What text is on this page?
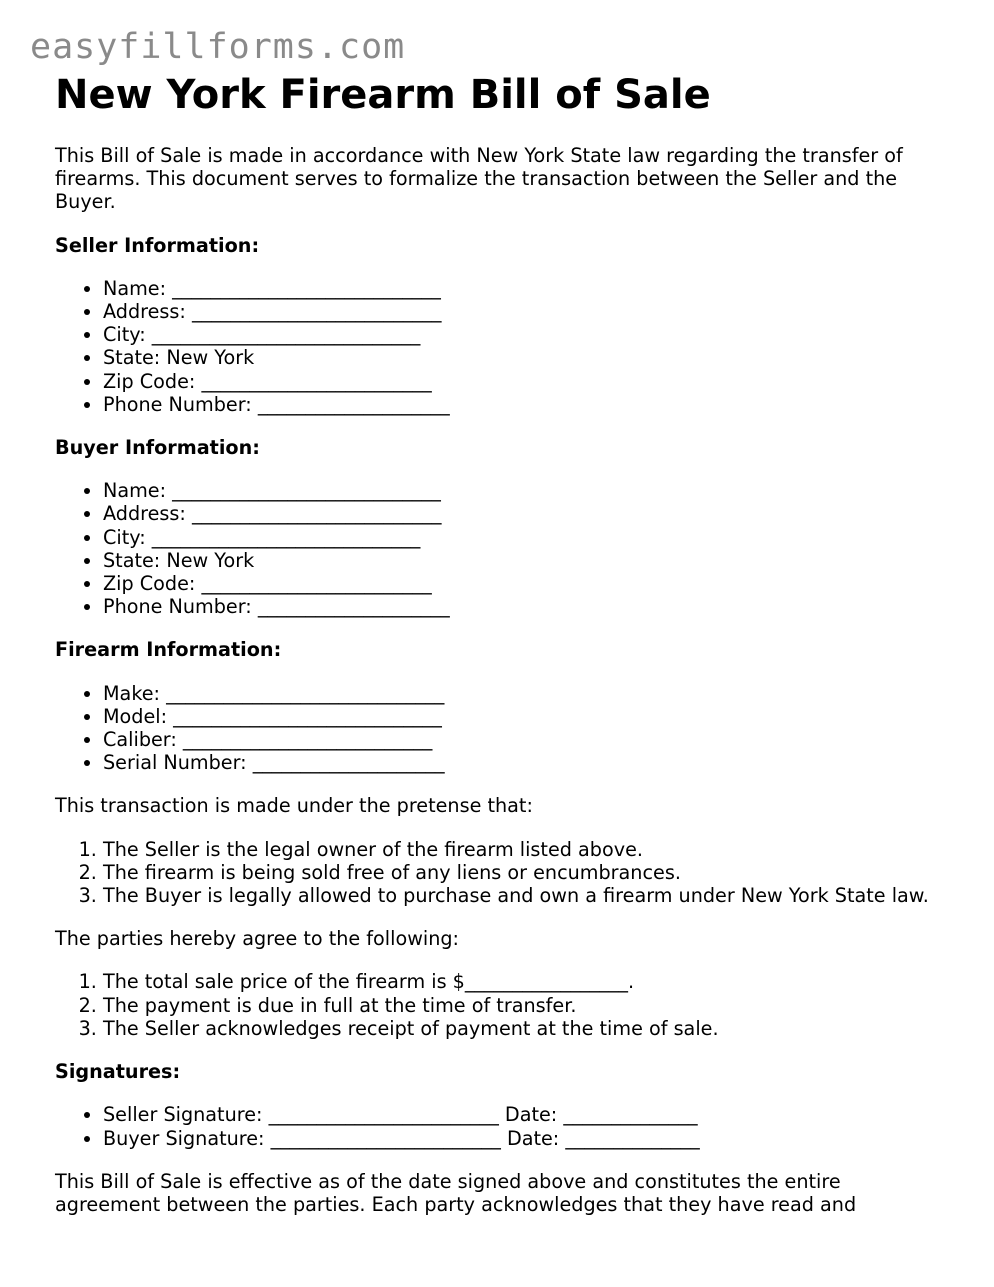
easyfillforms.com
New York Firearm Bill of Sale

This Bill of Sale is made in accordance with New York State law regarding the transfer of firearms. This document serves to formalize the transaction between the Seller and the Buyer.

Seller Information:

• Name: ____________________________
• Address: __________________________
• City: ____________________________
• State: New York
• Zip Code: ________________________
• Phone Number: ____________________

Buyer Information:

• Name: ____________________________
• Address: __________________________
• City: ____________________________
• State: New York
• Zip Code: ________________________
• Phone Number: ____________________

Firearm Information:

• Make: _____________________________
• Model: ____________________________
• Caliber: __________________________
• Serial Number: ____________________

This transaction is made under the pretense that:

1. The Seller is the legal owner of the firearm listed above.
2. The firearm is being sold free of any liens or encumbrances.
3. The Buyer is legally allowed to purchase and own a firearm under New York State law.

The parties hereby agree to the following:

1. The total sale price of the firearm is $_________________.
2. The payment is due in full at the time of transfer.
3. The Seller acknowledges receipt of payment at the time of sale.

Signatures:

• Seller Signature: ________________________ Date: ______________
• Buyer Signature: ________________________ Date: ______________

This Bill of Sale is effective as of the date signed above and constitutes the entire agreement between the parties. Each party acknowledges that they have read and
